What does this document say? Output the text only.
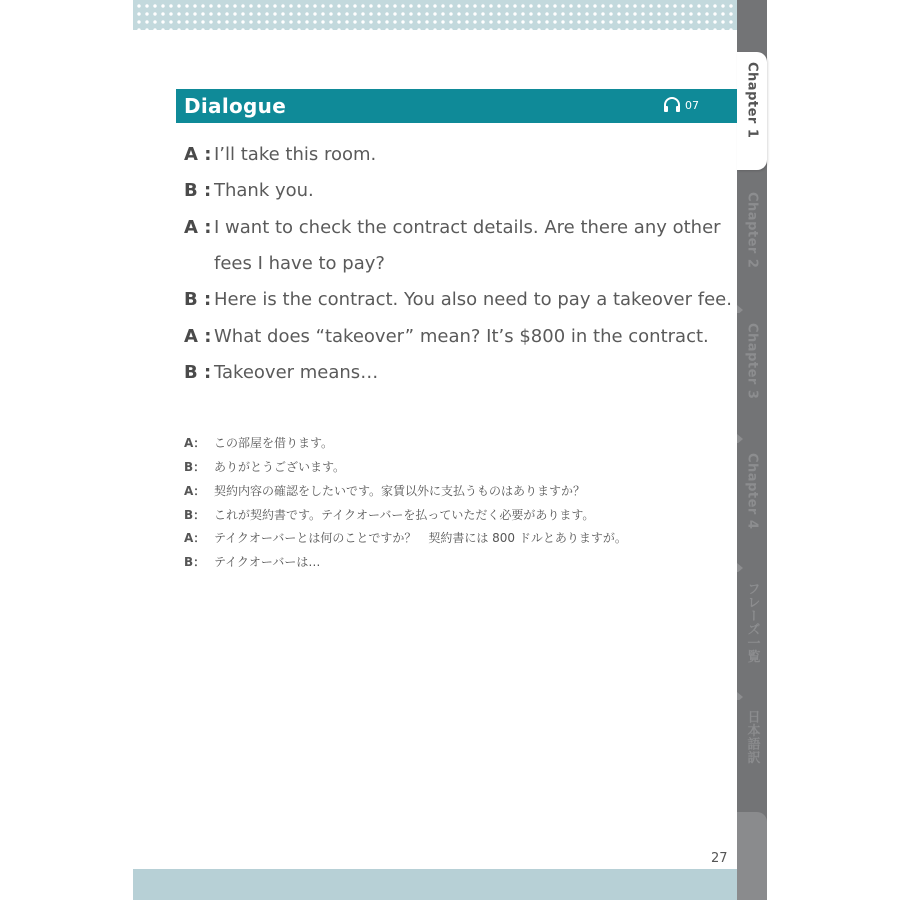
Chapter 1
Chapter 2
Chapter 3
Chapter 4
フレーズ一覧
日本語訳
Dialogue	07
A : I’ll take this room.
B : Thank you.
A : I want to check the contract details. Are there any other
fees I have to pay?
B : Here is the contract. You also need to pay a takeover fee.
A : What does “takeover” mean? It’s $800 in the contract.
B : Takeover means…
A： この部屋を借ります。
B： ありがとうございます。
A： 契約内容の確認をしたいです。家賃以外に支払うものはありますか？
B： これが契約書です。テイクオーバーを払っていただく必要があります。
A： テイクオーバーとは何のことですか？　契約書には 800 ドルとありますが。
B： テイクオーバーは…
27
